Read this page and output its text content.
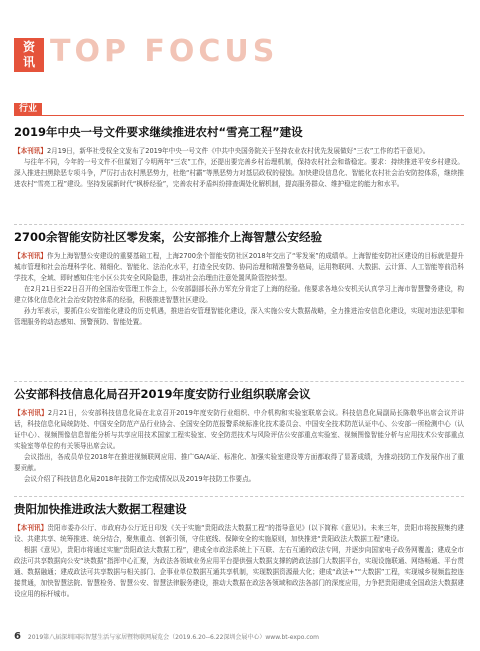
资
讯 TOP FOCUS
行业
2019年中央一号文件要求继续推进农村“雪亮工程”建设

【本刊讯】2月19日，新华社受权全文发布了2019年中央一号文件《中共中央国务院关于坚持农业农村优先发展做好“三农”工作的若干意见》。

与往年不同，今年的一号文件不但谋划了今明两年“三农”工作，还提出要完善乡村治理机制，保持农村社会和谐稳定。要求：持续推进平安乡村建设。深入推进扫黑除恶专项斗争，严厉打击农村黑恶势力，杜绝“村霸”等黑恶势力对基层政权的侵蚀。加快建设信息化、智能化农村社会治安防控体系，继续推进农村“雪亮工程”建设。坚持发展新时代“枫桥经验”，完善农村矛盾纠纷排查调处化解机制，提高服务群众、维护稳定的能力和水平。

2700余智能安防社区零发案，公安部推介上海智慧公安经验

【本刊讯】作为上海智慧公安建设的重要基础工程，上海2700余个智能安防社区2018年交出了“零发案”的成绩单。上海智能安防社区建设的目标就是提升城市管理和社会治理科学化、精细化、智能化、法治化水平，打造全民安防、协同治理和精准警务格局，运用物联网、大数据、云计算、人工智能等前沿科学技术，全域、即时感知住宅小区公共安全风险隐患，推动社会治理由注意处置风险管控转型。

在2月21日至22日召开的全国治安管理工作会上，公安部副部长孙力军充分肯定了上海的经验。他要求各地公安机关认真学习上海市智慧警务建设，构建立体化信息化社会治安防控体系的经验，积极推进智慧社区建设。

孙力军表示，要抓住公安智能化建设的历史机遇，推进治安管理智能化建设，深入实施公安大数据战略，全力推进治安信息化建设，实现对违法犯罪和管理服务的动态感知、预警预防、智能处置。

公安部科技信息化局召开2019年度安防行业组织联席会议

【本刊讯】2月21日，公安部科技信息化局在北京召开2019年度安防行业组织、中介机构和实验室联席会议。科技信息化局副局长陈敬华出席会议并讲话，科技信息化局统防处、中国安全防范产品行业协会、全国安全防范报警系统标准化技术委员会、中国安全技术防范认证中心、公安部一所检测中心（认证中心）、视频图像信息智能分析与共享应用技术国家工程实验室、安全防范技术与风险评估公安部重点实验室、视频图像智能分析与应用技术公安部重点实验室等单位的有关领导出席会议。

会议指出，各成员单位2018年在推进视频联网应用、推广GA/A证、标准化、加强实验室建设等方面都取得了显著成绩，为推动技防工作发展作出了重要贡献。

会议介绍了科技信息化局2018年技防工作完成情况以及2019年技防工作要点。

贵阳加快推进政法大数据工程建设

【本刊讯】贵阳市委办公厅、市政府办公厅近日印发《关于实施“贵阳政法大数据工程”的指导意见》(以下简称《意见》)。未来三年，贵阳市将按照集约建设、共建共享、统筹推进、统分结合，聚焦重点、创新引领，守住底线、保障安全的实施原则，加快推进“贵阳政法大数据工程”建设。

根据《意见》，贵阳市将通过实施“贵阳政法大数据工程”，建成全市政法系统上下互联、左右互通的政法专网，并逐步向国家电子政务网覆盖；建成全市政法可共享数据向公安“块数据”指挥中心汇聚，为政法各领域业务应用平台提供强大数据支撑的跨政法部门大数据平台，实现设施联通、网络畅通、平台贯通、数据融通；建成政法可共享数据与相关部门、企事业单位数据互通共享机制，实现数据资源最大化；建成“政法+”“大数据”工程，实现城乡视频监控连接贯通，加快智慧法院、智慧检务、智慧公安、智慧法律服务建设，推动大数据在政法各领域和政法各部门的深度应用，力争把贵阳建成全国政法大数据建设应用的标杆城市。

6 2019第八届深圳国际智慧生活与家居暨物联网展览会（2019.6.20--6.22深圳会展中心）www.bt-expo.com
